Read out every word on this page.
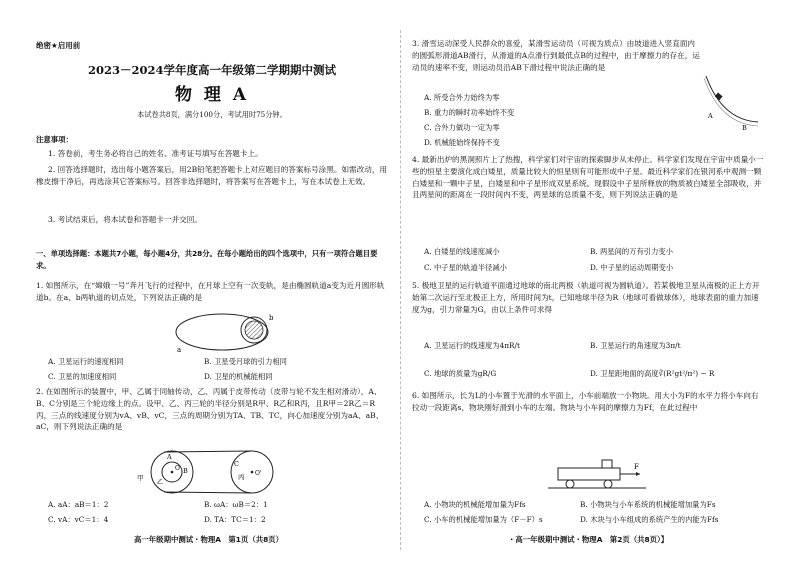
绝密★启用前
2023－2024学年度高一年级第二学期期中测试
物 理 A
本试卷共8页，满分100分，考试用时75分钟。
注意事项：
1. 答卷前，考生务必将自己的姓名、准考证号填写在答题卡上。
2. 回答选择题时，选出每小题答案后，用2B铅笔把答题卡上对应题目的答案标号涂黑。如需改动，用橡皮擦干净后，再选涂其它答案标号。回答非选择题时，将答案写在答题卡上，写在本试卷上无效。
3. 考试结束后，将本试卷和答题卡一并交回。
一、单项选择题：本题共7小题，每小题4分，共28分。在每小题给出的四个选项中，只有一项符合题目要求。
1. 如图所示，在“嫦娥一号”奔月飞行的过程中，在月球上空有一次变轨，是由椭圆轨道a变为近月圆形轨道b。在a、b两轨道的切点处，下列说法正确的是
a
b
A. 卫星运行的速度相同	B. 卫星受月球的引力相同
C. 卫星的加速度相同	D. 卫星的机械能相同
2. 在如图所示的装置中，甲、乙属于同轴传动，乙、丙属于皮带传动（皮带与轮不发生相对滑动），A、B、C分别是三个轮边缘上的点。设甲、乙、丙三轮的半径分别是R甲、R乙和R丙，且R甲＝2R乙＝R丙，三点的线速度分别为vA、vB、vC，三点的周期分别为TA、TB、TC，向心加速度分别为aA、aB、aC，则下列说法正确的是
A
B
C
甲
乙
丙
O
O'
A. aA：aB＝1：2	B. ωA：ωB＝2：1
C. vA：vC＝1：4	D. TA：TC＝1：2
高一年级期中测试・物理A　第1页（共8页）
3. 滑雪运动深受人民群众的喜爱，某滑雪运动员（可视为质点）由坡道进入竖直面内的圆弧形滑道AB滑行，从滑道的A点滑行到最低点B的过程中，由于摩擦力的存在，运动员的速率不变，则运动员沿AB下滑过程中说法正确的是
A
B
A. 所受合外力始终为零
B. 重力的瞬时功率始终不变
C. 合外力做功一定为零
D. 机械能始终保持不变
4. 最新出炉的黑洞照片上了热搜，科学家们对宇宙的探索脚步从未停止。科学家们发现在宇宙中质量小一些的恒星主要演化成白矮星，质量比较大的恒星则有可能形成中子星。最近科学家们在银河系中观测一颗白矮星和一颗中子星，白矮星和中子星形成双星系统。现假设中子星所释放的物质被白矮星全部吸收，并且两星间的距离在一段时间内不变，两星球的总质量不变，则下列说法正确的是
A. 白矮星的线速度减小	B. 两星间的万有引力变小
C. 中子星的轨道半径减小	D. 中子星的运动周期变小
5. 极地卫星的运行轨道平面通过地球的南北两极（轨道可视为圆轨道）。若某极地卫星从南极的正上方开始第二次运行至北极正上方，所用时间为t，已知地球半径为R（地球可看做球体），地球表面的重力加速度为g，引力常量为G，由以上条件可求得
A. 卫星运行的线速度为4πR/t	B. 卫星运行的角速度为3π/t
C. 地球的质量为gR/G	D. 卫星距地面的高度∛(R²gt²/π²) − R
6. 如图所示，长为L的小车置于光滑的水平面上，小车前端放一小物块。用大小为F的水平力将小车向右拉动一段距离s，物块刚好滑到小车的左端。物块与小车间的摩擦力为Ff，在此过程中
F
A. 小物块的机械能增加量为Ffs	B. 小物块与小车系统的机械能增加量为Fs
C. 小车的机械能增加量为（F－F）s	D. 木块与小车组成的系统产生的内能为Ffs
・高一年级期中测试・物理A　第2页（共8页）】
